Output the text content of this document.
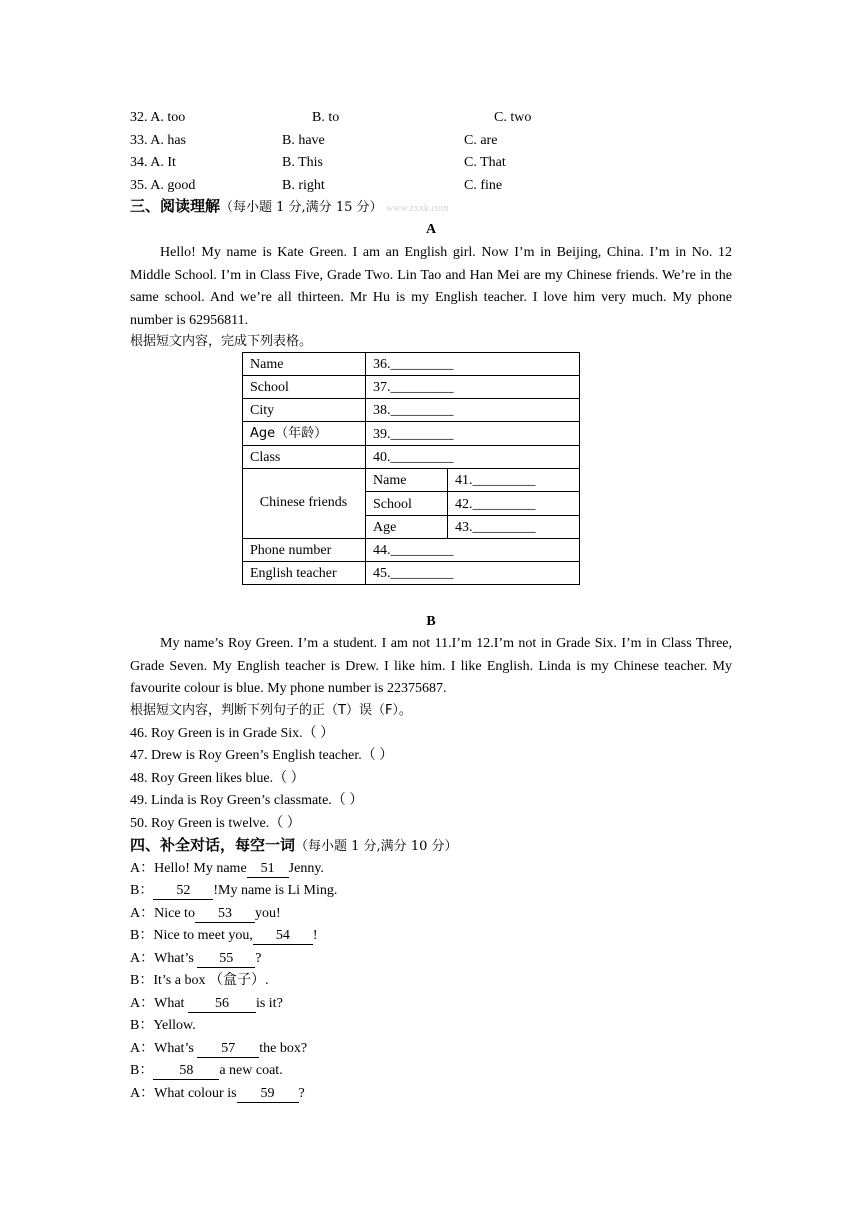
32. A. too	B. to	C. two
33. A. has	B. have	C. are
34. A. It	B. This	C. That
35. A. good	B. right	C. fine
三、阅读理解（每小题 1 分,满分 15 分） www.zxxk.com
A

Hello! My name is Kate Green. I am an English girl. Now I’m in Beijing, China. I’m in No. 12 Middle School. I’m in Class Five, Grade Two. Lin Tao and Han Mei are my Chinese friends. We’re in the same school. And we’re all thirteen. Mr Hu is my English teacher. I love him very much. My phone number is 62956811.

根据短文内容，完成下列表格。
Name	36._________
School	37._________
City	38._________
Age（年龄）	39._________
Class	40._________
Chinese friends
Name	41._________
School	42._________
Age	43._________
Phone number	44._________
English teacher	45._________
B

My name’s Roy Green. I’m a student. I am not 11.I’m 12.I’m not in Grade Six. I’m in Class Three, Grade Seven. My English teacher is Drew. I like him. I like English. Linda is my Chinese teacher. My favourite colour is blue. My phone number is 22375687.

根据短文内容，判断下列句子的正（T）误（F）。
46. Roy Green is in Grade Six.（ ）
47. Drew is Roy Green’s English teacher.（ ）
48. Roy Green likes blue.（ ）
49. Linda is Roy Green’s classmate.（ ）
50. Roy Green is twelve.（ ）
四、补全对话，每空一词（每小题 1 分,满分 10 分）
A：Hello! My name 51 Jenny.
B： 52 !My name is Li Ming.
A：Nice to 53 you!
B：Nice to meet you, 54 !
A：What’s 55 ?
B：It’s a box （盒子）.
A：What 56 is it?
B：Yellow.
A：What’s 57 the box?
B： 58 a new coat.
A：What colour is 59 ?
